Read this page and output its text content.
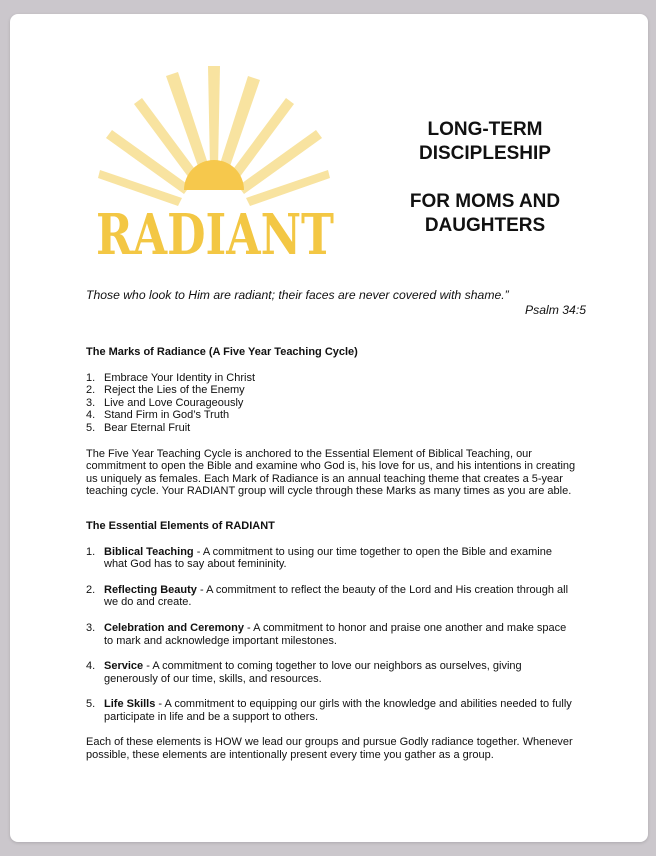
RADIANT
LONG-TERM
DISCIPLESHIP
FOR MOMS AND
DAUGHTERS
Those who look to Him are radiant; their faces are never covered with shame.”
Psalm 34:5
The Marks of Radiance (A Five Year Teaching Cycle)
1. Embrace Your Identity in Christ
2. Reject the Lies of the Enemy
3. Live and Love Courageously
4. Stand Firm in God’s Truth
5. Bear Eternal Fruit

The Five Year Teaching Cycle is anchored to the Essential Element of Biblical Teaching, our commitment to open the Bible and examine who God is, his love for us, and his intentions in creating us uniquely as females. Each Mark of Radiance is an annual teaching theme that creates a 5-year teaching cycle. Your RADIANT group will cycle through these Marks as many times as you are able.

The Essential Elements of RADIANT
1. Biblical Teaching - A commitment to using our time together to open the Bible and examine what God has to say about femininity.
2. Reflecting Beauty - A commitment to reflect the beauty of the Lord and His creation through all we do and create.
3. Celebration and Ceremony - A commitment to honor and praise one another and make space to mark and acknowledge important milestones.
4. Service - A commitment to coming together to love our neighbors as ourselves, giving generously of our time, skills, and resources.
5. Life Skills - A commitment to equipping our girls with the knowledge and abilities needed to fully participate in life and be a support to others.

Each of these elements is HOW we lead our groups and pursue Godly radiance together. Whenever possible, these elements are intentionally present every time you gather as a group.
